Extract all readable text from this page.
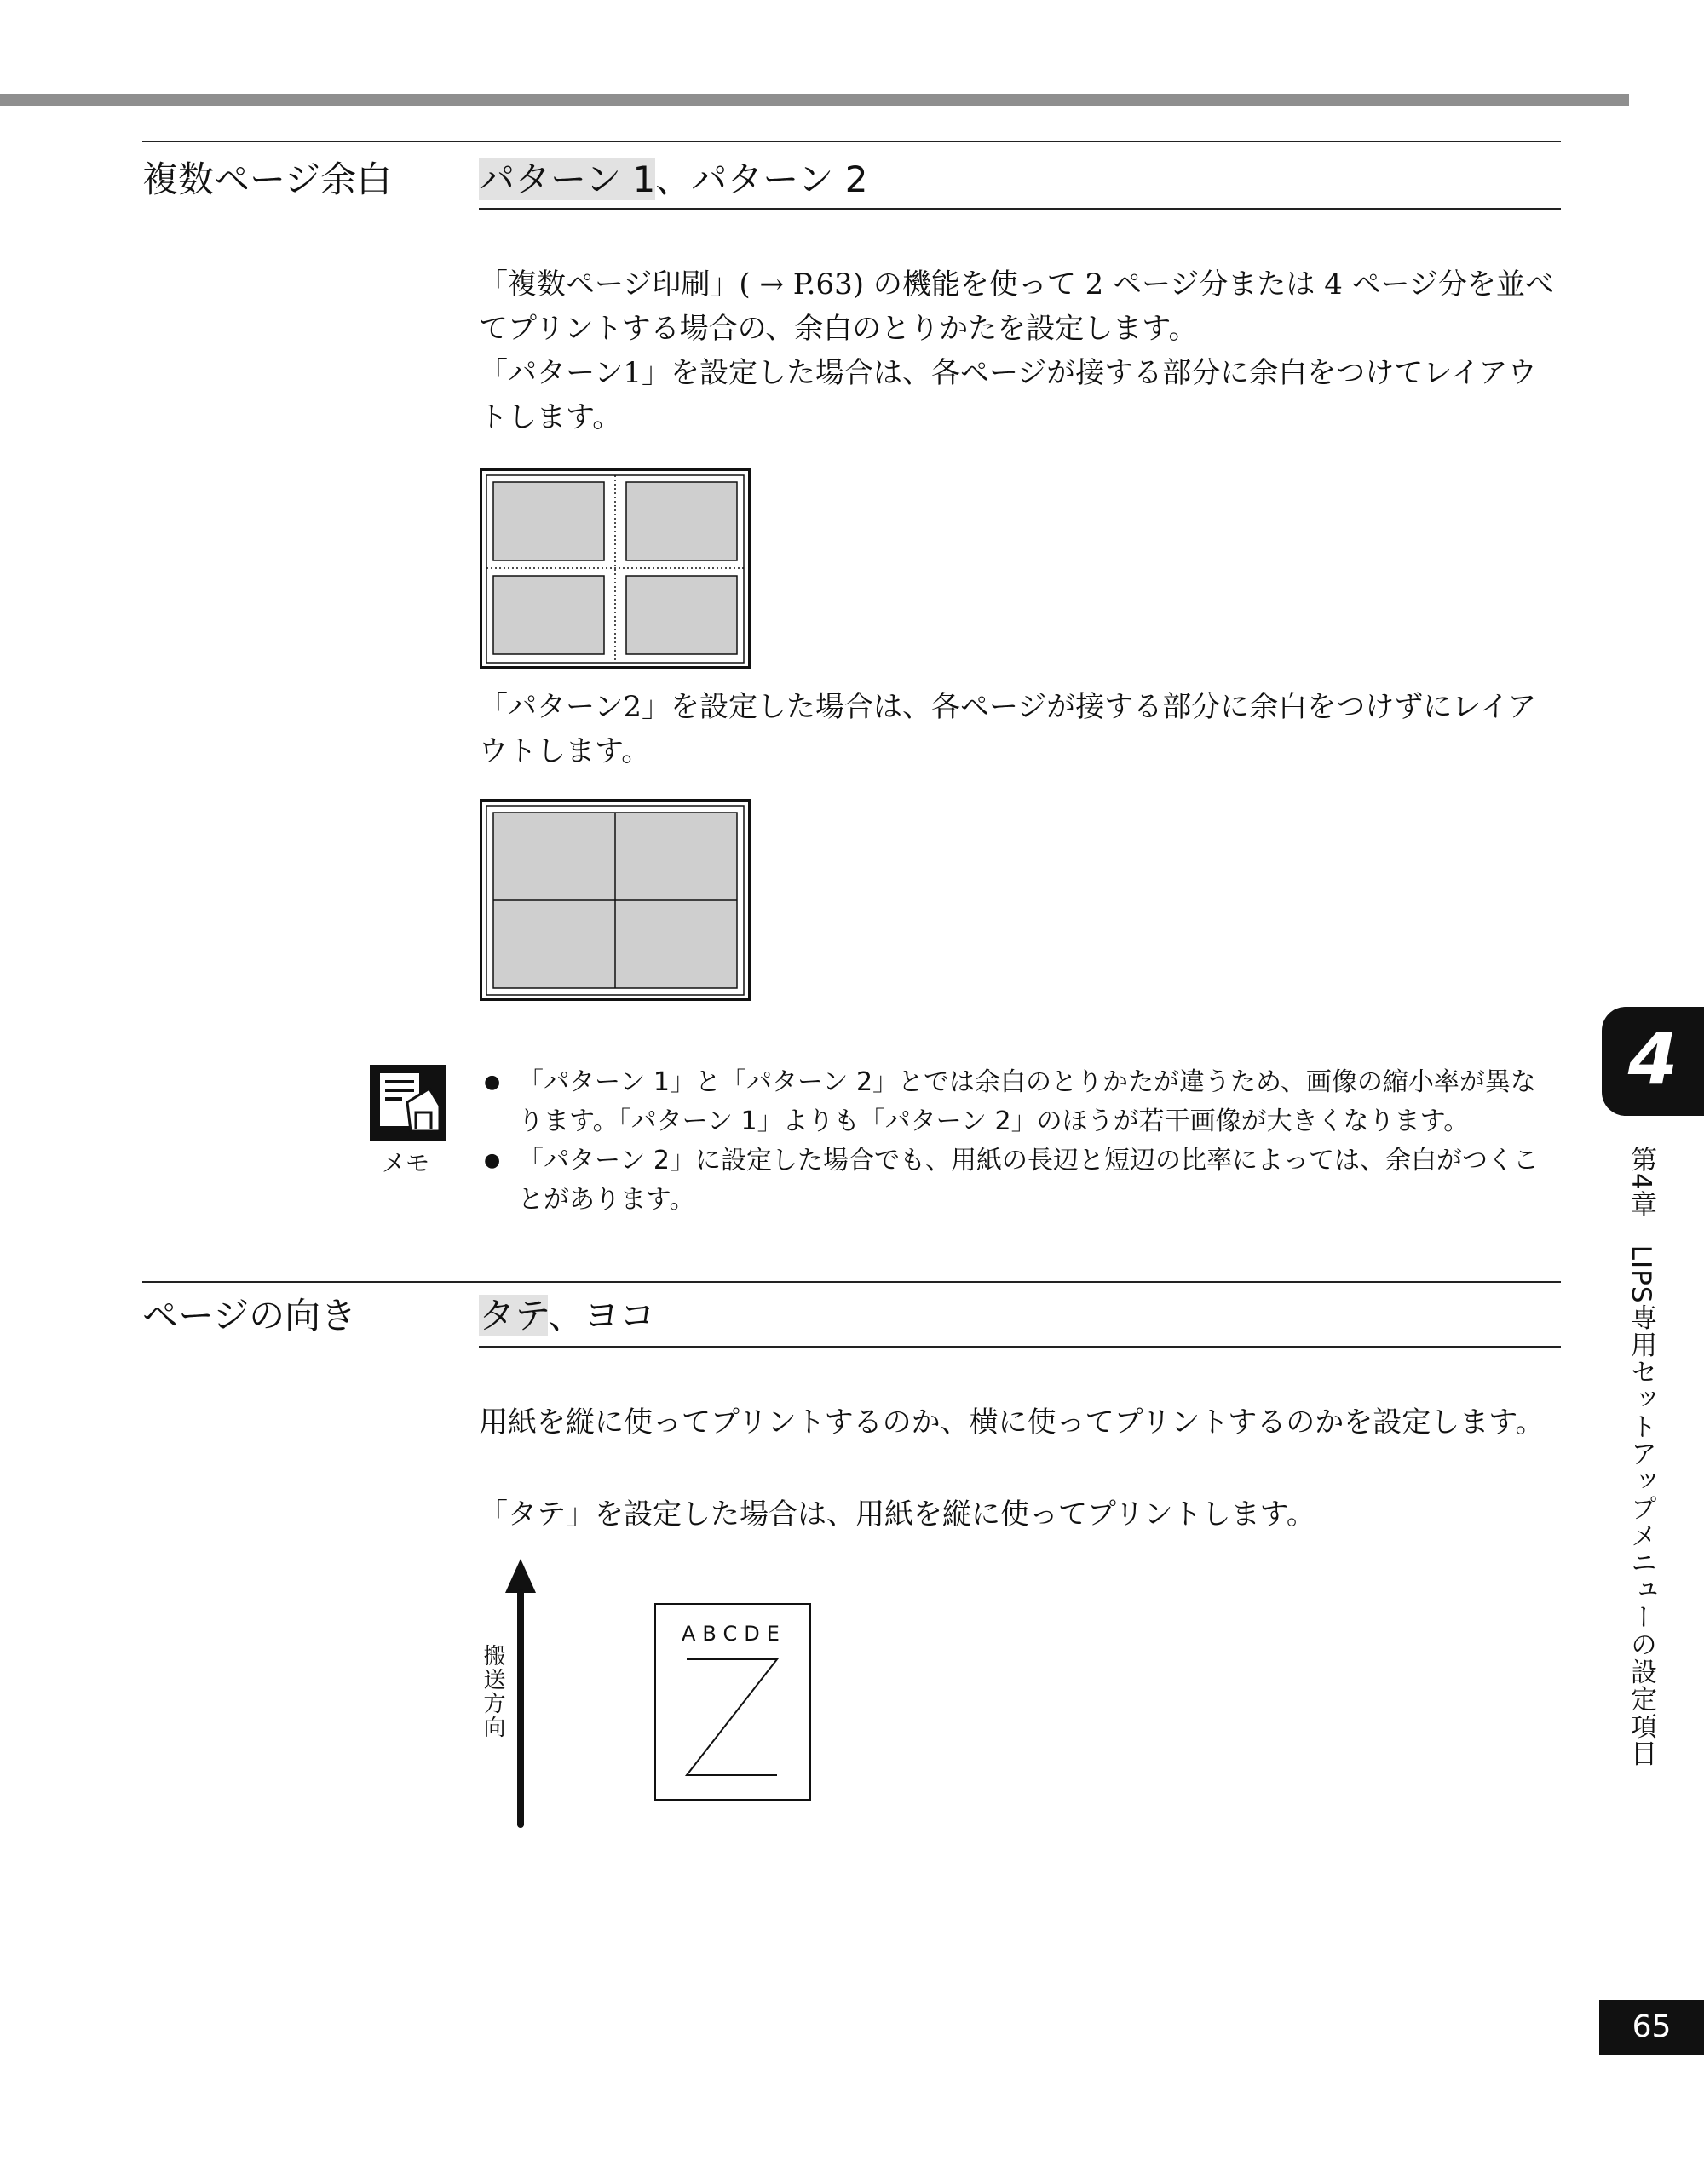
複数ページ余白 パターン 1、パターン 2
「複数ページ印刷」( → P.63) の機能を使って 2 ページ分または 4 ページ分を並べてプリントする場合の、余白のとりかたを設定します。
「パターン1」を設定した場合は、各ページが接する部分に余白をつけてレイアウトします。
「パターン2」を設定した場合は、各ページが接する部分に余白をつけずにレイアウトします。
メモ
● 「パターン 1」と「パターン 2」とでは余白のとりかたが違うため、画像の縮小率が異なります。「パターン 1」よりも「パターン 2」のほうが若干画像が大きくなります。
● 「パターン 2」に設定した場合でも、用紙の長辺と短辺の比率によっては、余白がつくことがあります。
ページの向き	タテ、ヨコ
用紙を縦に使ってプリントするのか、横に使ってプリントするのかを設定します。
「タテ」を設定した場合は、用紙を縦に使ってプリントします。
搬送方向
ABCDE
4
第4章　LIPS専用セットアップメニューの設定項目
65
